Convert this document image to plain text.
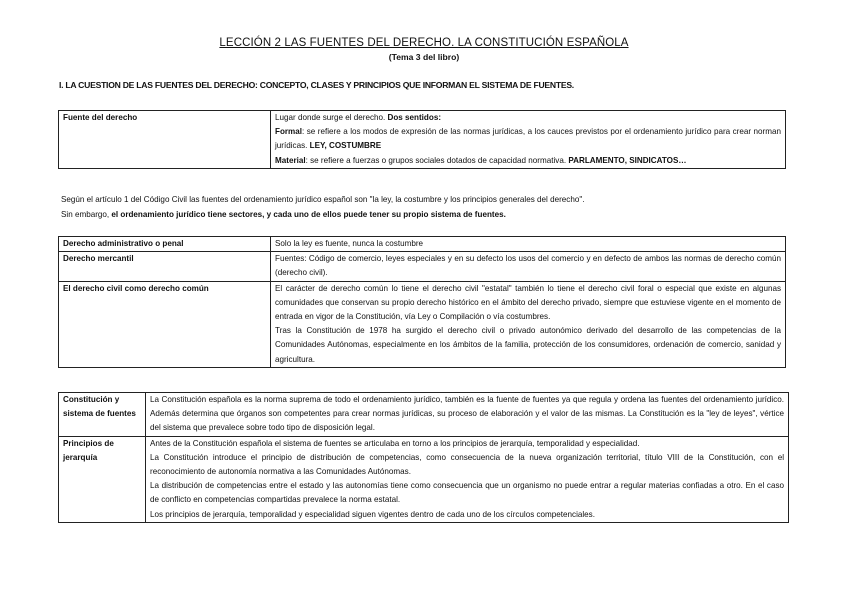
LECCIÓN 2 LAS FUENTES DEL DERECHO. LA CONSTITUCIÓN ESPAÑOLA
(Tema 3 del libro)
I. LA CUESTION DE LAS FUENTES DEL DERECHO: CONCEPTO, CLASES Y PRINCIPIOS QUE INFORMAN EL SISTEMA DE FUENTES.
Fuente del derecho	Lugar donde surge el derecho. Dos sentidos:
Formal: se refiere a los modos de expresión de las normas jurídicas, a los cauces previstos por el ordenamiento jurídico para crear norman jurídicas. LEY, COSTUMBRE
Material: se refiere a fuerzas o grupos sociales dotados de capacidad normativa. PARLAMENTO, SINDICATOS…
Según el artículo 1 del Código Civil las fuentes del ordenamiento jurídico español son "la ley, la costumbre y los principios generales del derecho".
Sin embargo, el ordenamiento jurídico tiene sectores, y cada uno de ellos puede tener su propio sistema de fuentes.
Derecho administrativo o penal	Solo la ley es fuente, nunca la costumbre
Derecho mercantil	Fuentes: Código de comercio, leyes especiales y en su defecto los usos del comercio y en defecto de ambos las normas de derecho común (derecho civil).
El derecho civil como derecho común	El carácter de derecho común lo tiene el derecho civil "estatal" también lo tiene el derecho civil foral o especial que existe en algunas comunidades que conservan su propio derecho histórico en el ámbito del derecho privado, siempre que estuviese vigente en el momento de entrada en vigor de la Constitución, vía Ley o Compilación o vía costumbres.
Tras la Constitución de 1978 ha surgido el derecho civil o privado autonómico derivado del desarrollo de las competencias de la Comunidades Autónomas, especialmente en los ámbitos de la familia, protección de los consumidores, ordenación de comercio, sanidad y agricultura.
Constitución y sistema de fuentes	La Constitución española es la norma suprema de todo el ordenamiento jurídico, también es la fuente de fuentes ya que regula y ordena las fuentes del ordenamiento jurídico. Además determina que órganos son competentes para crear normas jurídicas, su proceso de elaboración y el valor de las mismas. La Constitución es la "ley de leyes", vértice del sistema que prevalece sobre todo tipo de disposición legal.
Principios de jerarquía	Antes de la Constitución española el sistema de fuentes se articulaba en torno a los principios de jerarquía, temporalidad y especialidad.
La Constitución introduce el principio de distribución de competencias, como consecuencia de la nueva organización territorial, título VIII de la Constitución, con el reconocimiento de autonomía normativa a las Comunidades Autónomas.
La distribución de competencias entre el estado y las autonomías tiene como consecuencia que un organismo no puede entrar a regular materias confiadas a otro. En el caso de conflicto en competencias compartidas prevalece la norma estatal.
Los principios de jerarquía, temporalidad y especialidad siguen vigentes dentro de cada uno de los círculos competenciales.
